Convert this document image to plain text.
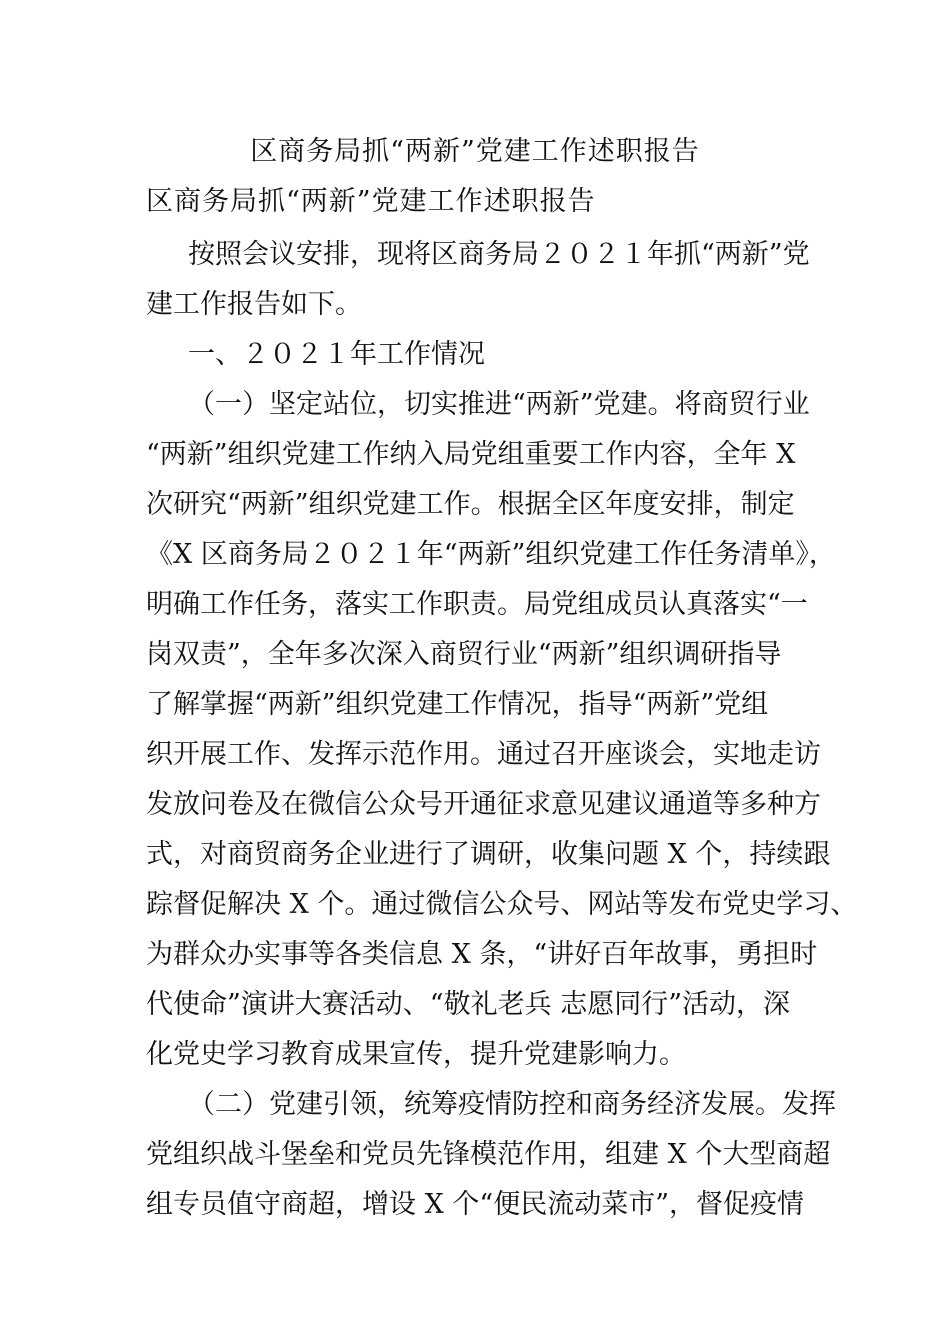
区商务局抓“两新”党建工作述职报告
区商务局抓“两新”党建工作述职报告
按照会议安排，现将区商务局２０２１年抓“两新”党
建工作报告如下。
一、２０２１年工作情况
（一）坚定站位，切实推进“两新”党建。将商贸行业
“两新”组织党建工作纳入局党组重要工作内容，全年 X
次研究“两新”组织党建工作。根据全区年度安排，制定
《X 区商务局２０２１年“两新”组织党建工作任务清单》，
明确工作任务，落实工作职责。局党组成员认真落实“一
岗双责”，全年多次深入商贸行业“两新”组织调研指导
了解掌握“两新”组织党建工作情况，指导“两新”党组
织开展工作、发挥示范作用。通过召开座谈会，实地走访
发放问卷及在微信公众号开通征求意见建议通道等多种方
式，对商贸商务企业进行了调研，收集问题 X 个，持续跟
踪督促解决 X 个。通过微信公众号、网站等发布党史学习、
为群众办实事等各类信息 X 条，“讲好百年故事，勇担时
代使命”演讲大赛活动、“敬礼老兵 志愿同行”活动，深
化党史学习教育成果宣传，提升党建影响力。
（二）党建引领，统筹疫情防控和商务经济发展。发挥
党组织战斗堡垒和党员先锋模范作用，组建 X 个大型商超
组专员值守商超，增设 X 个“便民流动菜市”，督促疫情
